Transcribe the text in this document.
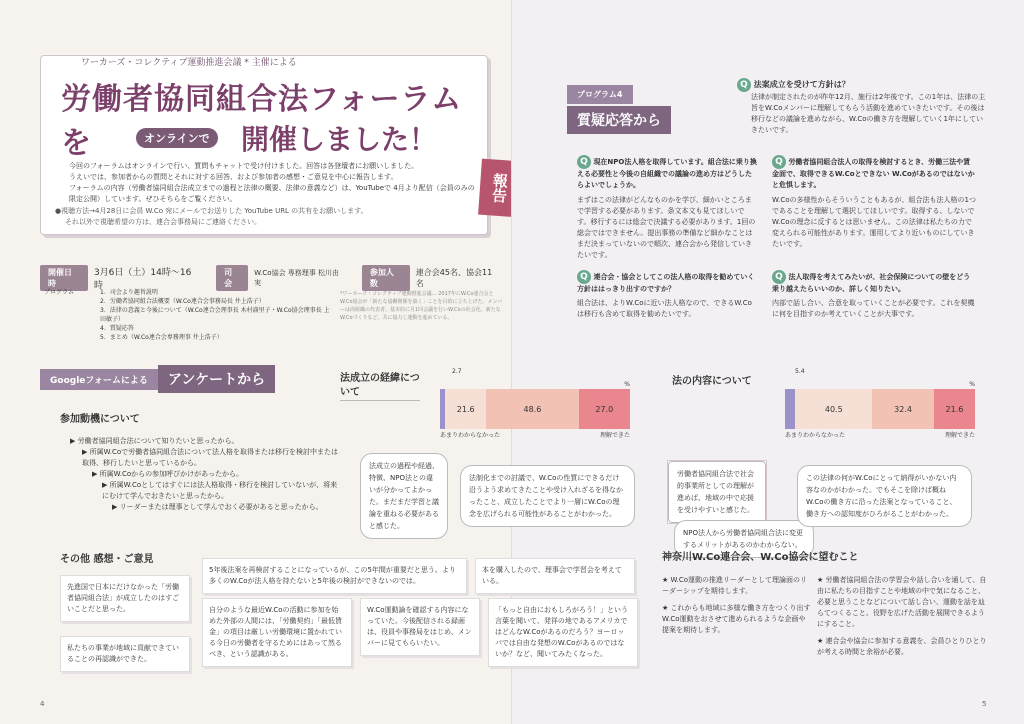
ワーカーズ・コレクティブ運動推進会議 * 主催による
労働者協同組合法フォーラムを	オンラインで 開催しました！
今回のフォーラムはオンラインで行い、質問もチャットで受け付けました。回答は各登壇者にお願いしました。
うえいでは、参加者からの質問とそれに対する回答、および参加者の感想・ご意見を中心に報告します。
フォーラムの内容（労働者協同組合法成立までの過程と法律の概要、法律の意義など）は、YouTubeで 4月より配信（会員のみの限定公開）しています。ぜひそちらをご覧ください。
●視聴方法→4月28日に会員 W.Co 宛にメールでお送りした YouTube URL の共有をお願いします。
それ以外で視聴希望の方は、連合会事務局にご連絡ください。
報告
開催日時
3月6日（土）14時〜16時
司会
W.Co協会 専務理事 松川由実
参加人数
連合会45名、協会11名
プログラム	1．司会より趣旨説明
2．労働者協同組合法概要（W.Co連合会事務局長 井上浩子）
3．法律の意義と今後について（W.Co連合会理事長 木村満里子・W.Co協会理事長 上田敏子）
4．質疑応答
5．まとめ（W.Co連合会専務理事 井上浩子）
*ワーカーズ・コレクティブ運動推進会議… 2017年にW.Co連合会とW.Co協会が「新たな協働関係を築く」ことを目的に立ち上げた。メンバーは両組織の代表者。基本的に月1回会議を行いW.Coの社会化、新たなW.Coづくりなど、共に協力し運動を進めている。
Googleフォームによる	アンケートから
参加動機について
▶ 労働者協同組合法について知りたいと思ったから。
▶ 所属W.Coで労働者協同組合法について法人格を取得または移行を検討中または取得、移行したいと思っているから。
▶ 所属W.Coからの参加呼びかけがあったから。
▶ 所属W.Coとしてはすぐには法人格取得・移行を検討していないが、将来にむけて学んでおきたいと思ったから。
▶ リーダーまたは理事として学んでおく必要があると思ったから。
その他 感想・ご意見
先進国で日本にだけなかった「労働者協同組合法」が成立したのはすごいことだと思った。
私たちの事業が地域に貢献できていることの再認識ができた。
5年後法案を再検討することになっているが、この5年間が重要だと思う。より多くのW.Coが法人格を持たないと5年後の検討ができないのでは。
自分のような最近W.Coの活動に参加を始めた外部の人間には、「労働契約」「最低賃金」の項目は厳しい労働環境に置かれている今日の労働者を守るためにはあって然るべき、という認識がある。
W.Co運動論を確認する内容になっていた。今後配信される録画は、役員や事務局をはじめ、メンバーに見てもらいたい。
本を購入したので、理事会で学習会を考えている。
「もっと自由におもしろがろう！」という言葉を聞いて、発祥の地であるアメリカではどんなW.Coがあるのだろう？ヨーロッパでは自由な発想のW.Coがあるのではないか？など、聞いてみたくなった。
4
プログラム4
質疑応答から
Q 法案成立を受けて方針は？
法律が制定されたのが昨年12月、施行は2年後です。この1年は、法律の主旨をW.Coメンバーに理解してもらう活動を進めていきたいです。その後は移行などの議論を進めながら、W.Coの働き方を理解していく1年にしていきたいです。
Q 現在NPO法人格を取得しています。組合法に乗り換える必要性と今後の自組織での議論の進め方はどうしたらよいでしょうか。
まずはこの法律がどんなものかを学び、細かいところまで学習する必要があります。条文本文も見てほしいです。移行するには総会で決議する必要があります。1回の総会ではできません。提出事務の準備など細かなことはまだ決まっていないので順次、連合会から発信していきたいです。
Q 労働者協同組合法人の取得を検討するとき、労働三法や賃金面で、取得できるW.Coとできない W.Coがあるのではないかと危惧します。
W.Coの多様性からそういうこともあるが、組合法も法人格の1つであることを理解して選択してほしいです。取得する、しないでW.Coの理念に反するとは思いません。この法律は私たちの力で変えられる可能性があります。運用してより近いものにしていきたいです。
Q 連合会・協会としてこの法人格の取得を勧めていく方針ははっきり出すのですか？
組合法は、よりW.Coに近い法人格なので、できるW.Coは移行も含めて取得を勧めたいです。
Q 法人取得を考えてみたいが、社会保険についての壁をどう乗り越えたらいいのか、詳しく知りたい。
内部で話し合い、合意を取っていくことが必要です。これを契機に何を目指すのか考えていくことが大事です。
法の内容について
労働者協同組合法で社会的事業所としての理解が進めば、地域の中で応援を受けやすいと感じた。
NPO法人から労働者協同組合法に変更するメリットがあるのかわからない。
この法律の何がW.Coにとって納得がいかない内容なのかがわかった。でもそこを除けば概ねW.Coの働き方に沿った法案となっていること、働き方への認知度がひろがることがわかった。
神奈川W.Co連合会、W.Co協会に望むこと
★ W.Co運動の推進リーダーとして理論面のリーダーシップを期待します。
★ これからも地域に多様な働き方をつくり出すW.Co運動をおさせて進められるような企画や提案を期待します。
★ 労働者協同組合法の学習会や話し合いを通して、自由に私たちの目指すことや地域の中で気になること、必要と思うことなどについて話し合い、運動を話を辿らてつくること。役野を広げた活動を展開できるようにすること。
★ 連合会や協会に参加する意義を、会員ひとりひとりが考える時間と余裕が必要。
5
法成立の経緯について
%
21.6	48.6	27.0
あまりわからなかった	理解できた
2.7
%
40.5	32.4	21.6
あまりわからなかった	理解できた
5.4
法成立の過程や経過、特徴、NPO法との違いが分かってよかった。まだまだ学習と議論を重ねる必要があると感じた。
法制化までの討議で、W.Coの性質にできるだけ沿うよう求めてきたことや受け入れざるを得なかったこと、成立したことでより一層にW.Coの理念を広げられる可能性があることがわかった。
